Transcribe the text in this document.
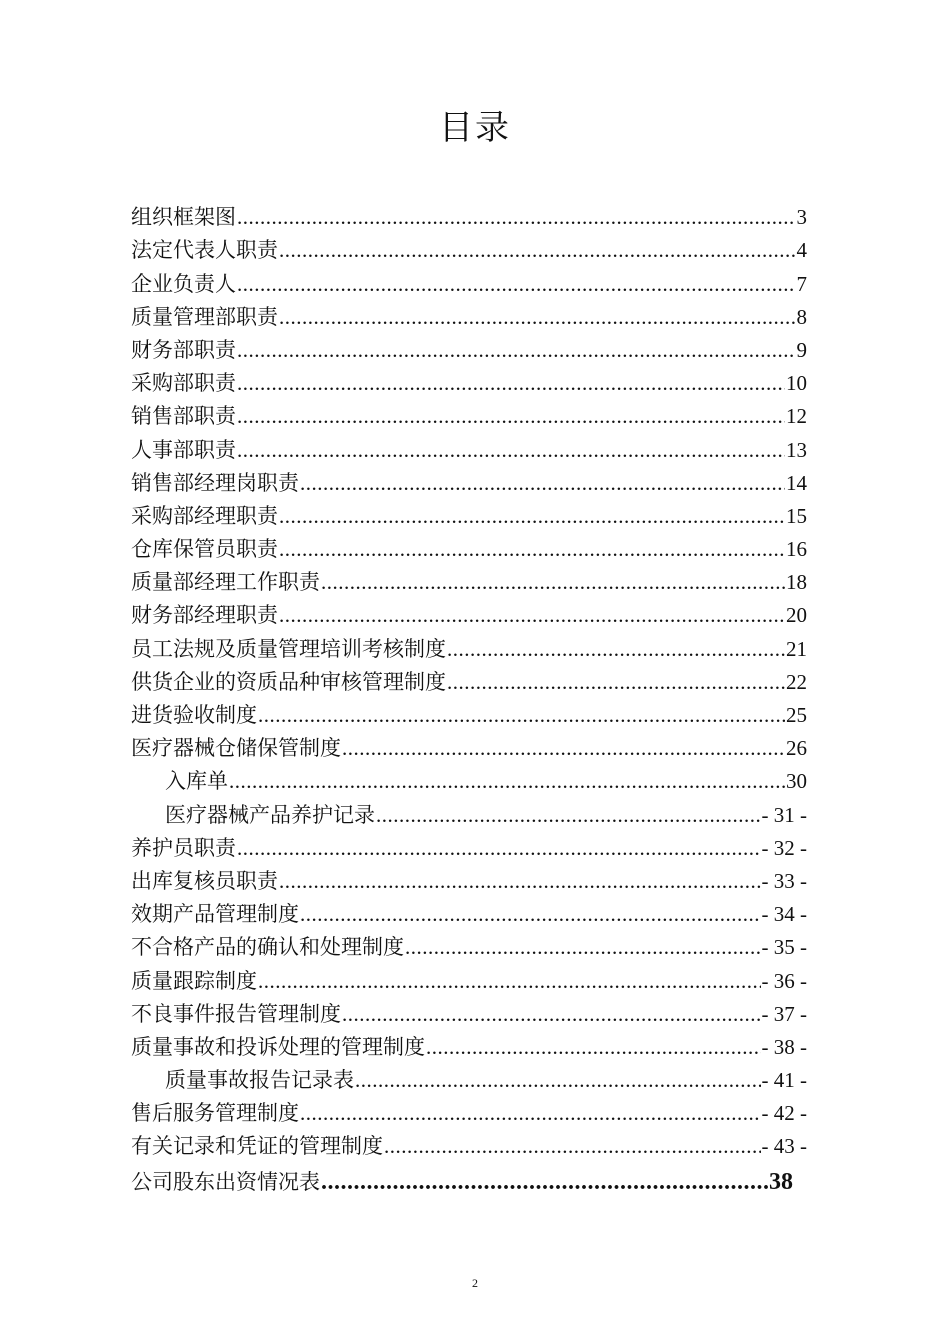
目录
组织框架图 .....	3
法定代表人职责 .....	4
企业负责人 .....	7
质量管理部职责 .....	8
财务部职责 .....	9
采购部职责 .....	10
销售部职责 .....	12
人事部职责 .....	13
销售部经理岗职责 .....	14
采购部经理职责 .....	15
仓库保管员职责 .....	16
质量部经理工作职责 .....	18
财务部经理职责 .....	20
员工法规及质量管理培训考核制度 .....	21
供货企业的资质品种审核管理制度 .....	22
进货验收制度 .....	25
医疗器械仓储保管制度 .....	26
入库单 .....	30
医疗器械产品养护记录 .....	- 31 -
养护员职责 .....	- 32 -
出库复核员职责 .....	- 33 -
效期产品管理制度 .....	- 34 -
不合格产品的确认和处理制度 .....	- 35 -
质量跟踪制度 .....	- 36 -
不良事件报告管理制度 .....	- 37 -
质量事故和投诉处理的管理制度 .....	- 38 -
质量事故报告记录表 .....	- 41 -
售后服务管理制度 .....	- 42 -
有关记录和凭证的管理制度 .....	- 43 -
公司股东出资情况表 .....	38
2
